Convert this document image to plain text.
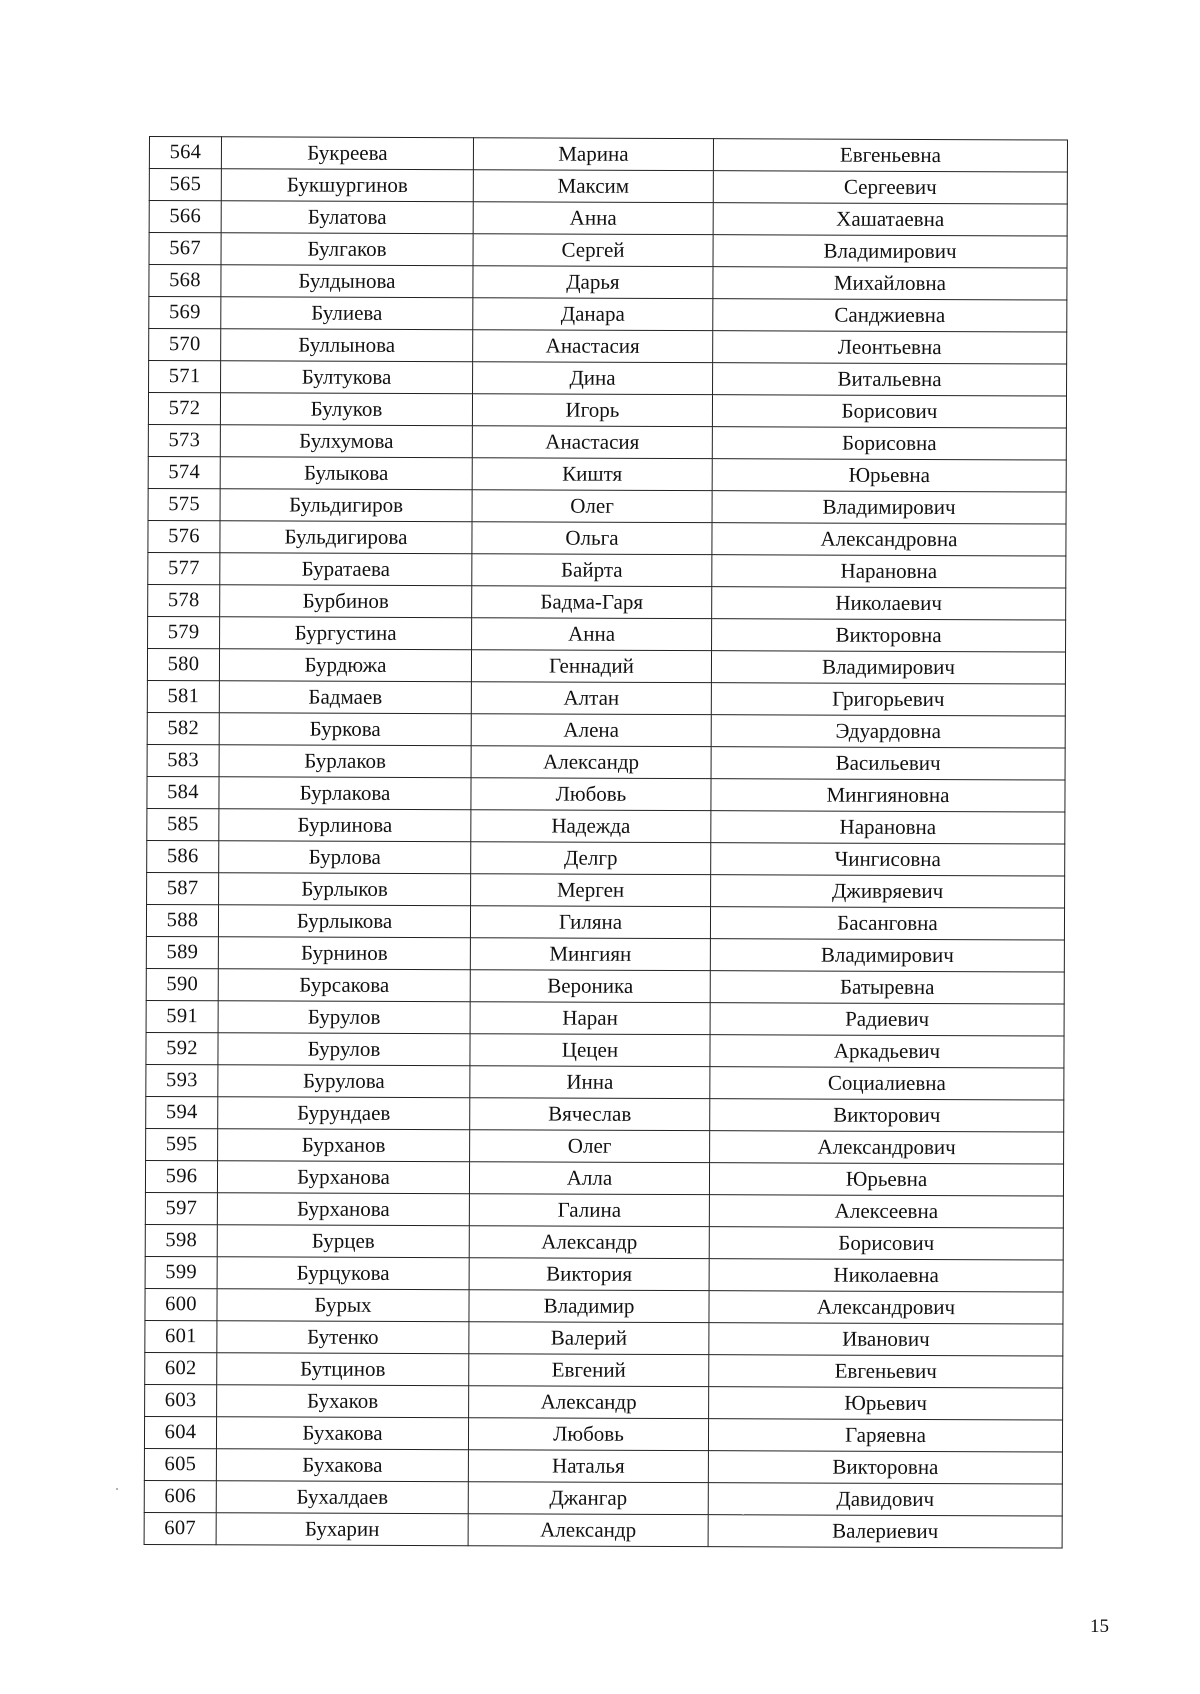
564	Букреева	Марина	Евгеньевна
565	Букшургинов	Максим	Сергеевич
566	Булатова	Анна	Хашатаевна
567	Булгаков	Сергей	Владимирович
568	Булдынова	Дарья	Михайловна
569	Булиева	Данара	Санджиевна
570	Буллынова	Анастасия	Леонтьевна
571	Бултукова	Дина	Витальевна
572	Булуков	Игорь	Борисович
573	Булхумова	Анастасия	Борисовна
574	Булыкова	Киштя	Юрьевна
575	Бульдигиров	Олег	Владимирович
576	Бульдигирова	Ольга	Александровна
577	Буратаева	Байрта	Нарановна
578	Бурбинов	Бадма-Гаря	Николаевич
579	Бургустина	Анна	Викторовна
580	Бурдюжа	Геннадий	Владимирович
581	Бадмаев	Алтан	Григорьевич
582	Буркова	Алена	Эдуардовна
583	Бурлаков	Александр	Васильевич
584	Бурлакова	Любовь	Мингияновна
585	Бурлинова	Надежда	Нарановна
586	Бурлова	Делгр	Чингисовна
587	Бурлыков	Мерген	Дживряевич
588	Бурлыкова	Гиляна	Басанговна
589	Бурнинов	Мингиян	Владимирович
590	Бурсакова	Вероника	Батыревна
591	Бурулов	Наран	Радиевич
592	Бурулов	Цецен	Аркадьевич
593	Бурулова	Инна	Социалиевна
594	Бурундаев	Вячеслав	Викторович
595	Бурханов	Олег	Александрович
596	Бурханова	Алла	Юрьевна
597	Бурханова	Галина	Алексеевна
598	Бурцев	Александр	Борисович
599	Бурцукова	Виктория	Николаевна
600	Бурых	Владимир	Александрович
601	Бутенко	Валерий	Иванович
602	Бутцинов	Евгений	Евгеньевич
603	Бухаков	Александр	Юрьевич
604	Бухакова	Любовь	Гаряевна
605	Бухакова	Наталья	Викторовна
606	Бухалдаев	Джангар	Давидович
607	Бухарин	Александр	Валериевич
15
